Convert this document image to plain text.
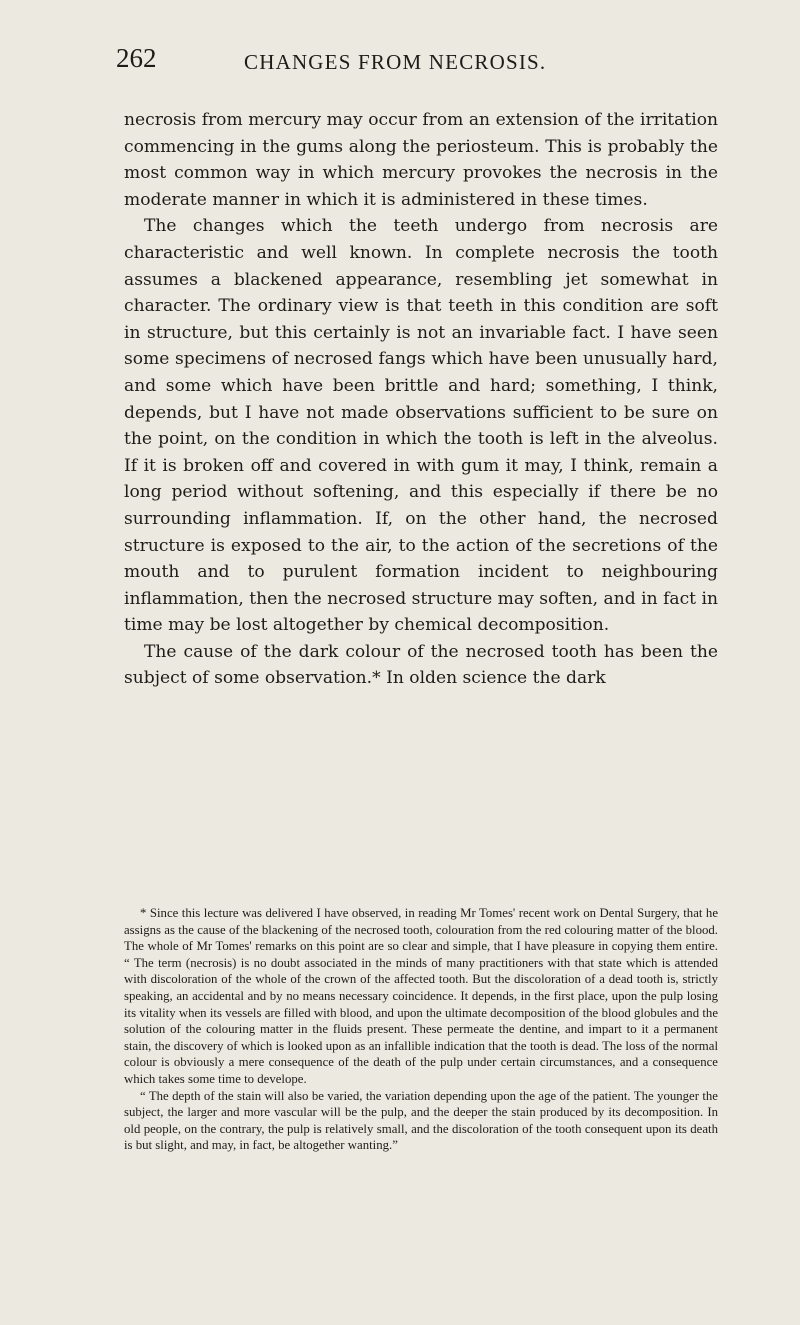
262	CHANGES FROM NECROSIS.

necrosis from mercury may occur from an extension of the irritation commencing in the gums along the periosteum. This is probably the most common way in which mercury provokes the necrosis in the moderate manner in which it is administered in these times.

The changes which the teeth undergo from necrosis are characteristic and well known. In complete necrosis the tooth assumes a blackened appearance, resembling jet somewhat in character. The ordinary view is that teeth in this condition are soft in structure, but this certainly is not an invariable fact. I have seen some specimens of necrosed fangs which have been unusually hard, and some which have been brittle and hard; something, I think, depends, but I have not made observations sufficient to be sure on the point, on the condition in which the tooth is left in the alveolus. If it is broken off and covered in with gum it may, I think, remain a long period without softening, and this especially if there be no surrounding inflammation. If, on the other hand, the necrosed structure is exposed to the air, to the action of the secretions of the mouth and to purulent formation incident to neighbouring inflammation, then the necrosed structure may soften, and in fact in time may be lost altogether by chemical decomposition.

The cause of the dark colour of the necrosed tooth has been the subject of some observation.* In olden science the dark

* Since this lecture was delivered I have observed, in reading Mr Tomes' recent work on Dental Surgery, that he assigns as the cause of the blackening of the necrosed tooth, colouration from the red colouring matter of the blood. The whole of Mr Tomes' remarks on this point are so clear and simple, that I have pleasure in copying them entire. “ The term (necrosis) is no doubt associated in the minds of many practitioners with that state which is attended with discoloration of the whole of the crown of the affected tooth. But the discoloration of a dead tooth is, strictly speaking, an accidental and by no means necessary coincidence. It depends, in the first place, upon the pulp losing its vitality when its vessels are filled with blood, and upon the ultimate decomposition of the blood globules and the solution of the colouring matter in the fluids present. These permeate the dentine, and impart to it a permanent stain, the discovery of which is looked upon as an infallible indication that the tooth is dead. The loss of the normal colour is obviously a mere consequence of the death of the pulp under certain circumstances, and a consequence which takes some time to develope.

“ The depth of the stain will also be varied, the variation depending upon the age of the patient. The younger the subject, the larger and more vascular will be the pulp, and the deeper the stain produced by its decomposition. In old people, on the contrary, the pulp is relatively small, and the discoloration of the tooth consequent upon its death is but slight, and may, in fact, be altogether wanting.”
